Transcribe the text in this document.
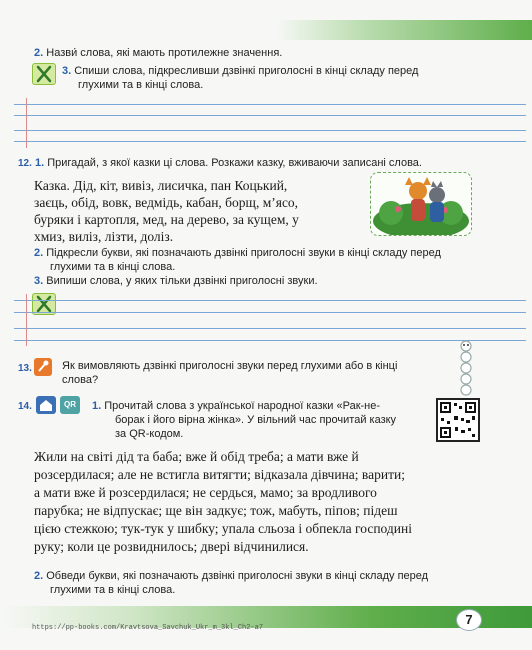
2. Назви́ слова, які мають протилежне значення.
3. Спиши слова, підкресливши дзвінкі приголосні в кінці складу перед
глухими та в кінці слова.
12. 1. Пригадай, з якої казки ці слова. Розкажи казку, вживаючи записані слова.
Казка. Дід, кіт, вивіз, лисичка, пан Коцький,
заєць, обід, вовк, ведмідь, кабан, борщ, м’ясо,
буряки і картопля, мед, на дерево, за кущем, у
хмиз, виліз, лізти, доліз.
2. Підкресли букви, які позначають дзвінкі приголосні звуки в кінці складу перед
глухими та в кінці слова.
3. Випиши слова, у яких тільки дзвінкі приголосні звуки.
13.	Як вимовляють дзвінкі приголосні звуки перед глухими або в кінці
слова?
14.	QR	1. Прочитай слова з української народної казки «Рак-не-
борак і його вірна жінка». У вільний час прочитай казку
за QR-кодом.
Жили на світі дід та баба; вже й обід треба; а мати вже й
розсердилася; але не встигла витягти; відказала дівчина; варити;
а мати вже й розсердилася; не сердься, мамо; за вродливого
парубка; не відпускає; ще він задкує; тож, мабуть, піпов; підеш
цією стежкою; тук-тук у шибку; упала сльоза і обпекла господині
руку; коли це розвиднилось; двері відчинилися.
2. Обведи букви, які позначають дзвінкі приголосні звуки в кінці складу перед
глухими та в кінці слова.
7
https://pp-books.com/Kravtsova_Savchuk_Ukr_m_3kl_Ch2-a7
